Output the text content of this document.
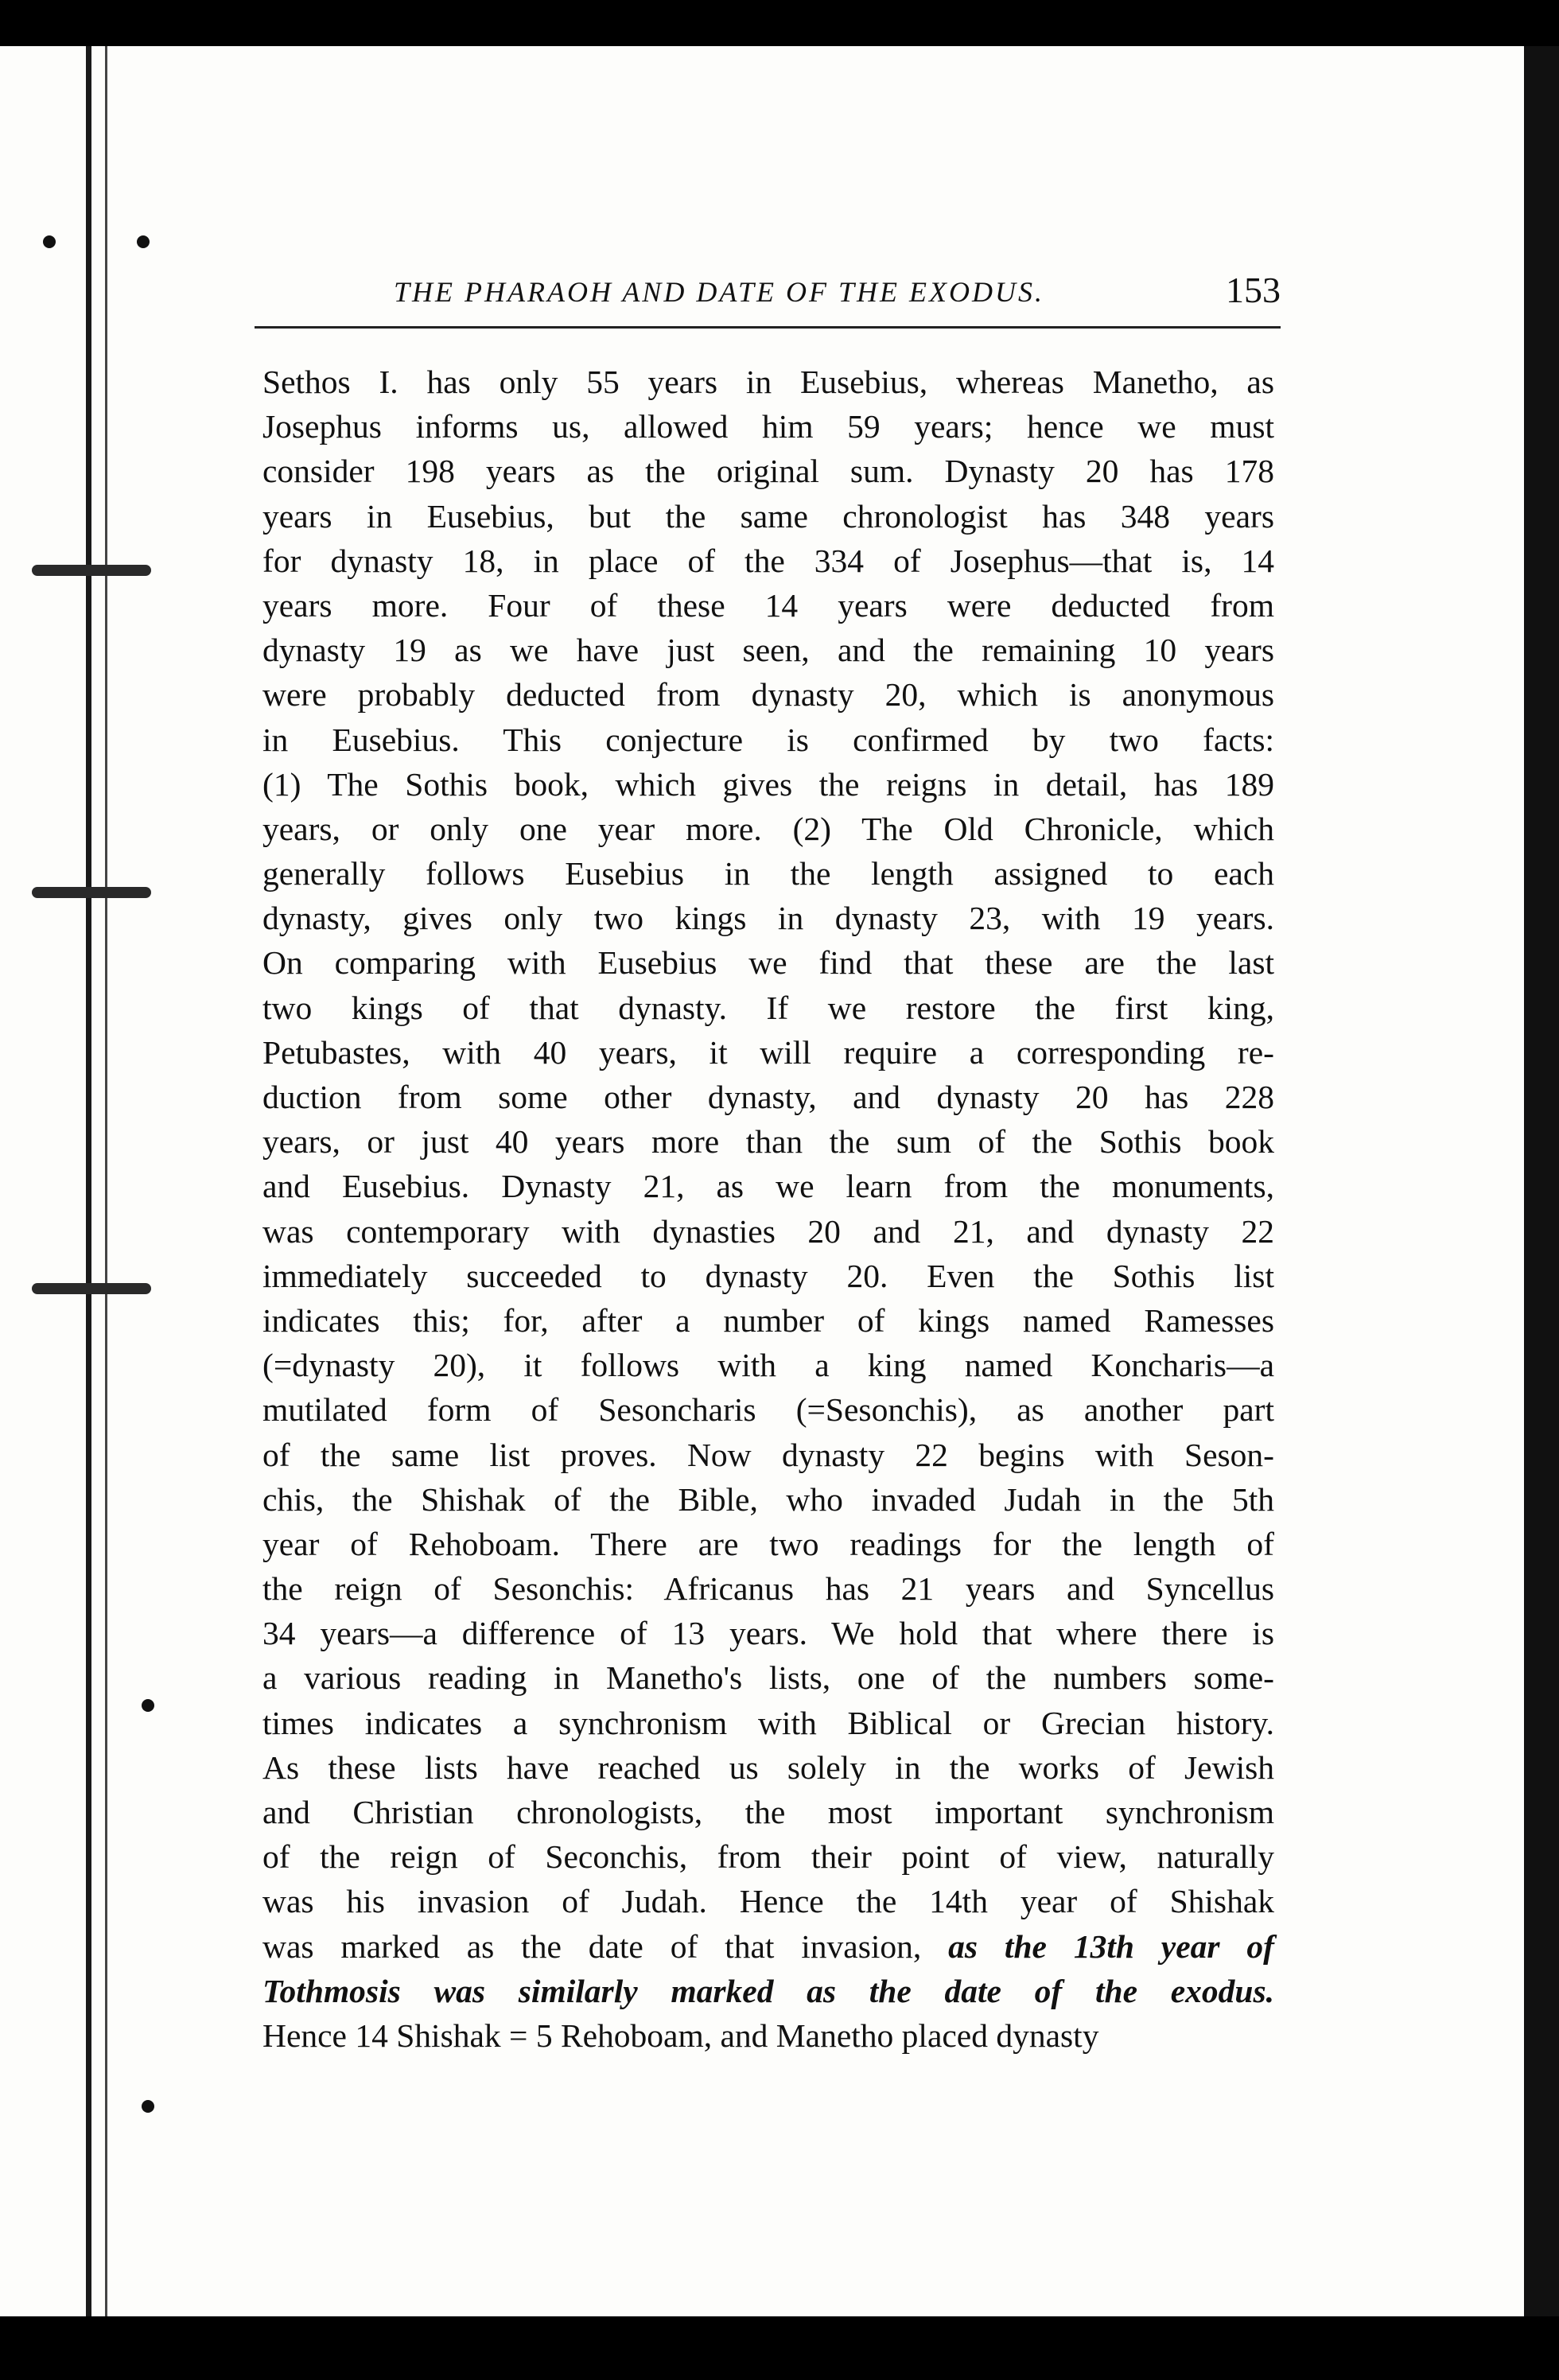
THE PHARAOH AND DATE OF THE EXODUS.	153
Sethos I. has only 55 years in Eusebius, whereas Manetho, as
Josephus informs us, allowed him 59 years; hence we must
consider 198 years as the original sum. Dynasty 20 has 178
years in Eusebius, but the same chronologist has 348 years
for dynasty 18, in place of the 334 of Josephus—that is, 14
years more. Four of these 14 years were deducted from
dynasty 19 as we have just seen, and the remaining 10 years
were probably deducted from dynasty 20, which is anonymous
in Eusebius. This conjecture is confirmed by two facts:
(1) The Sothis book, which gives the reigns in detail, has 189
years, or only one year more. (2) The Old Chronicle, which
generally follows Eusebius in the length assigned to each
dynasty, gives only two kings in dynasty 23, with 19 years.
On comparing with Eusebius we find that these are the last
two kings of that dynasty. If we restore the first king,
Petubastes, with 40 years, it will require a corresponding re-
duction from some other dynasty, and dynasty 20 has 228
years, or just 40 years more than the sum of the Sothis book
and Eusebius. Dynasty 21, as we learn from the monuments,
was contemporary with dynasties 20 and 21, and dynasty 22
immediately succeeded to dynasty 20. Even the Sothis list
indicates this; for, after a number of kings named Ramesses
(=dynasty 20), it follows with a king named Koncharis—a
mutilated form of Sesoncharis (=Sesonchis), as another part
of the same list proves. Now dynasty 22 begins with Seson-
chis, the Shishak of the Bible, who invaded Judah in the 5th
year of Rehoboam. There are two readings for the length of
the reign of Sesonchis: Africanus has 21 years and Syncellus
34 years—a difference of 13 years. We hold that where there is
a various reading in Manetho's lists, one of the numbers some-
times indicates a synchronism with Biblical or Grecian history.
As these lists have reached us solely in the works of Jewish
and Christian chronologists, the most important synchronism
of the reign of Seconchis, from their point of view, naturally
was his invasion of Judah. Hence the 14th year of Shishak
was marked as the date of that invasion, as the 13th year of
Tothmosis was similarly marked as the date of the exodus.
Hence 14 Shishak = 5 Rehoboam, and Manetho placed dynasty
